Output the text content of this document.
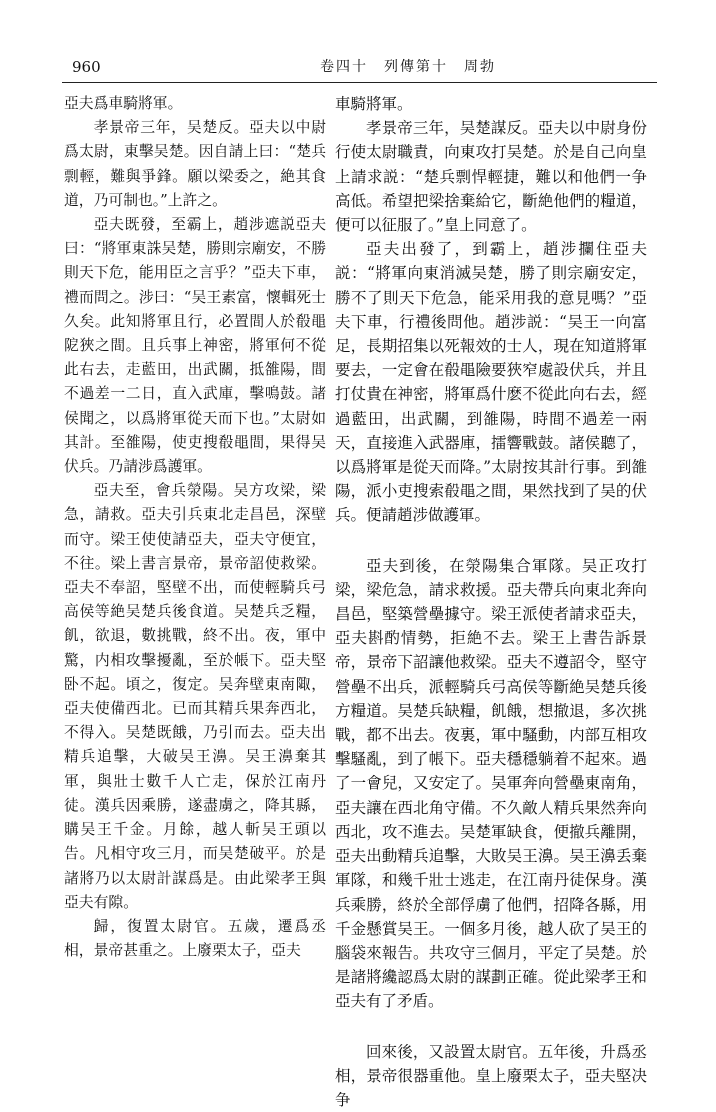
960	卷四十　列傳第十　周勃

亞夫爲車騎將軍。

孝景帝三年，吴楚反。亞夫以中尉爲太尉，東擊吴楚。因自請上曰：“楚兵剽輕，難與爭鋒。願以梁委之，絶其食道，乃可制也。”上許之。

亞夫既發，至霸上，趙涉遮説亞夫曰：“將軍東誅吴楚，勝則宗廟安，不勝則天下危，能用臣之言乎？”亞夫下車，禮而問之。涉曰：“吴王素富，懷輯死士久矣。此知將軍且行，必置間人於殽黽阸狹之間。且兵事上神密，將軍何不從此右去，走藍田，出武關，抵雒陽，間不過差一二日，直入武庫，擊鳴鼓。諸侯聞之，以爲將軍從天而下也。”太尉如其計。至雒陽，使吏搜殽黽間，果得吴伏兵。乃請涉爲護軍。

亞夫至，會兵滎陽。吴方攻梁，梁急，請救。亞夫引兵東北走昌邑，深壁而守。梁王使使請亞夫，亞夫守便宜，不往。梁上書言景帝，景帝詔使救梁。亞夫不奉詔，堅壁不出，而使輕騎兵弓高侯等絶吴楚兵後食道。吴楚兵乏糧，飢，欲退，數挑戰，終不出。夜，軍中驚，内相攻擊擾亂，至於帳下。亞夫堅卧不起。頃之，復定。吴奔壁東南陬，亞夫使備西北。已而其精兵果奔西北，不得入。吴楚既餓，乃引而去。亞夫出精兵追擊，大破吴王濞。吴王濞棄其軍，與壯士數千人亡走，保於江南丹徒。漢兵因乘勝，遂盡虜之，降其縣，購吴王千金。月餘，越人斬吴王頭以告。凡相守攻三月，而吴楚破平。於是諸將乃以太尉計謀爲是。由此梁孝王與亞夫有隙。

歸，復置太尉官。五歲，遷爲丞相，景帝甚重之。上廢栗太子，亞夫

車騎將軍。

孝景帝三年，吴楚謀反。亞夫以中尉身份行使太尉職責，向東攻打吴楚。於是自己向皇上請求説：“楚兵剽悍輕捷，難以和他們一争高低。希望把梁捨棄給它，斷絶他們的糧道，便可以征服了。”皇上同意了。

亞夫出發了，到霸上，趙涉攔住亞夫説：“將軍向東消滅吴楚，勝了則宗廟安定，勝不了則天下危急，能采用我的意見嗎？”亞夫下車，行禮後問他。趙涉説：“吴王一向富足，長期招集以死報效的士人，現在知道將軍要去，一定會在殽黽險要狹窄處設伏兵，并且打仗貴在神密，將軍爲什麽不從此向右去，經過藍田，出武關，到雒陽，時間不過差一兩天，直接進入武器庫，擂響戰鼓。諸侯聽了，以爲將軍是從天而降。”太尉按其計行事。到雒陽，派小吏搜索殽黽之間，果然找到了吴的伏兵。便請趙涉做護軍。

亞夫到後，在滎陽集合軍隊。吴正攻打梁，梁危急，請求救援。亞夫帶兵向東北奔向昌邑，堅築營壘據守。梁王派使者請求亞夫，亞夫斟酌情勢，拒絶不去。梁王上書告訴景帝，景帝下詔讓他救梁。亞夫不遵詔令，堅守營壘不出兵，派輕騎兵弓高侯等斷絶吴楚兵後方糧道。吴楚兵缺糧，飢餓，想撤退，多次挑戰，都不出去。夜裏，軍中騷動，内部互相攻擊騷亂，到了帳下。亞夫穩穩躺着不起來。過了一會兒，又安定了。吴軍奔向營壘東南角，亞夫讓在西北角守備。不久敵人精兵果然奔向西北，攻不進去。吴楚軍缺食，便撤兵離開，亞夫出動精兵追擊，大敗吴王濞。吴王濞丢棄軍隊，和幾千壯士逃走，在江南丹徒保身。漢兵乘勝，終於全部俘虜了他們，招降各縣，用千金懸賞吴王。一個多月後，越人砍了吴王的腦袋來報告。共攻守三個月，平定了吴楚。於是諸將纔認爲太尉的謀劃正確。從此梁孝王和亞夫有了矛盾。

回來後，又設置太尉官。五年後，升爲丞相，景帝很器重他。皇上廢栗太子，亞夫堅决争
